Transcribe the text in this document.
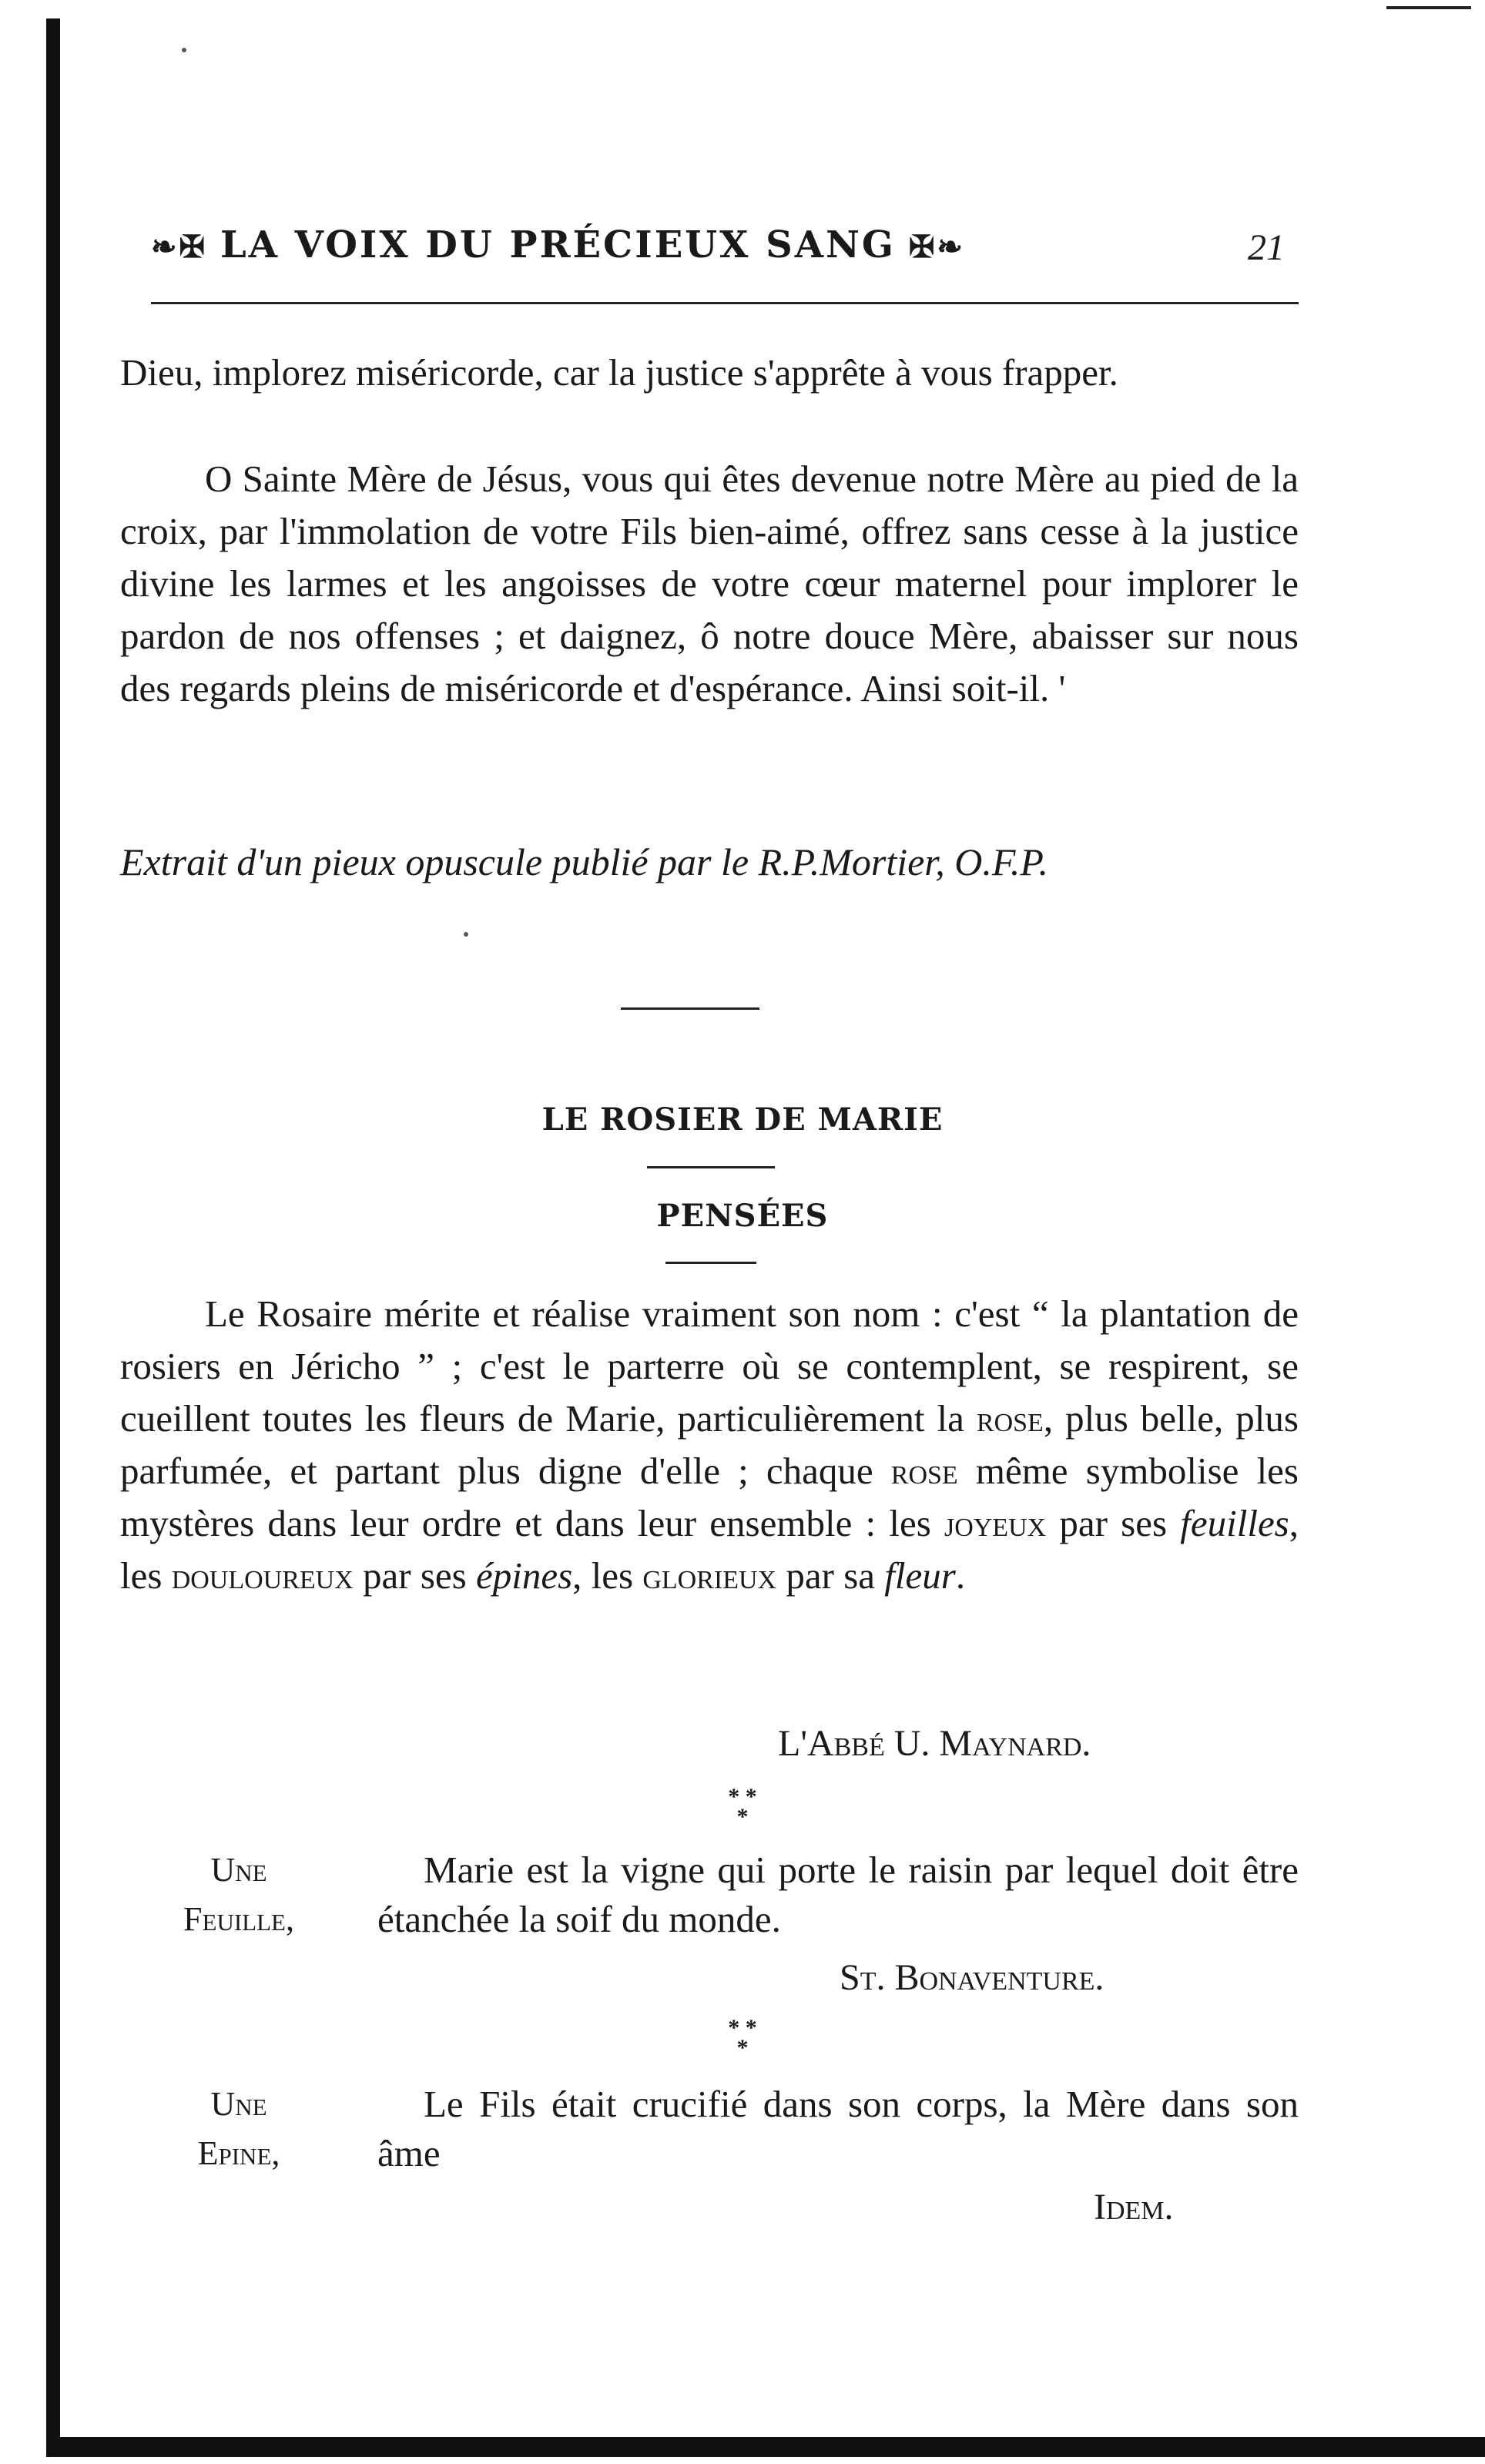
❧✠ LA VOIX DU PRÉCIEUX SANG ✠❧	21

Dieu, implorez miséricorde, car la justice s'apprête à vous frapper.

O Sainte Mère de Jésus, vous qui êtes devenue notre Mère au pied de la croix, par l'immolation de votre Fils bien-aimé, offrez sans cesse à la justice divine les larmes et les angoisses de votre cœur maternel pour implorer le pardon de nos offenses ; et daignez, ô notre douce Mère, abaisser sur nous des regards pleins de miséricorde et d'espérance. Ainsi soit-il. '

Extrait d'un pieux opuscule publié par le R.P.Mortier, O.F.P.
LE ROSIER DE MARIE
PENSÉES

Le Rosaire mérite et réalise vraiment son nom : c'est “ la plantation de rosiers en Jéricho ” ; c'est le parterre où se contemplent, se respirent, se cueillent toutes les fleurs de Marie, particulièrement la rose, plus belle, plus parfumée, et partant plus digne d'elle ; chaque rose même symbolise les mystères dans leur ordre et dans leur ensemble : les joyeux par ses feuilles, les douloureux par ses épines, les glorieux par sa fleur.

L'Abbé U. Maynard.
* *
*
Une
Feuille,

Marie est la vigne qui porte le raisin par lequel doit être étanchée la soif du monde.

St. Bonaventure.
* *
*
Une
Epine,

Le Fils était crucifié dans son corps, la Mère dans son âme

Idem.
